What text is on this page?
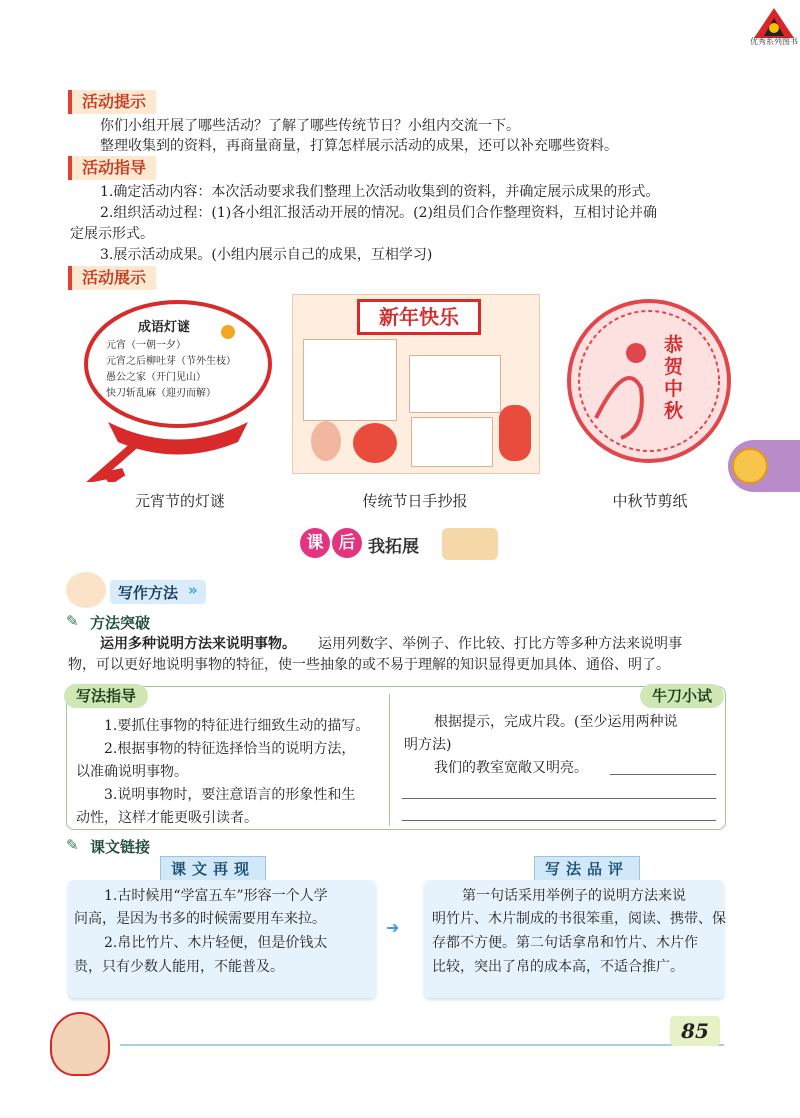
优秀系列图书
活动提示
你们小组开展了哪些活动？了解了哪些传统节日？小组内交流一下。
整理收集到的资料，再商量商量，打算怎样展示活动的成果，还可以补充哪些资料。
活动指导
1.确定活动内容：本次活动要求我们整理上次活动收集到的资料，并确定展示成果的形式。
2.组织活动过程：(1)各小组汇报活动开展的情况。(2)组员们合作整理资料，互相讨论并确
定展示形式。
3.展示活动成果。(小组内展示自己的成果，互相学习)
活动展示
成语灯谜
元宵（一朝一夕）
元宵之后柳吐芽（节外生枝）
愚公之家（开门见山）
快刀斩乱麻（迎刃而解）
新年快乐
恭贺中秋
元宵节的灯谜	传统节日手抄报	中秋节剪纸
课 后 我拓展
写作方法 »
✎ 方法突破
运用多种说明方法来说明事物。 运用列数字、举例子、作比较、打比方等多种方法来说明事
物，可以更好地说明事物的特征，使一些抽象的或不易于理解的知识显得更加具体、通俗、明了。
写法指导	牛刀小试
1.要抓住事物的特征进行细致生动的描写。
2.根据事物的特征选择恰当的说明方法，
以准确说明事物。
3.说明事物时，要注意语言的形象性和生
动性，这样才能更吸引读者。
根据提示，完成片段。(至少运用两种说
明方法)
我们的教室宽敞又明亮。
✎ 课文链接
课文再现
1.古时候用“学富五车”形容一个人学
问高，是因为书多的时候需要用车来拉。
2.帛比竹片、木片轻便，但是价钱太
贵，只有少数人能用，不能普及。
➜
写法品评
第一句话采用举例子的说明方法来说
明竹片、木片制成的书很笨重，阅读、携带、保
存都不方便。第二句话拿帛和竹片、木片作
比较，突出了帛的成本高，不适合推广。
85
